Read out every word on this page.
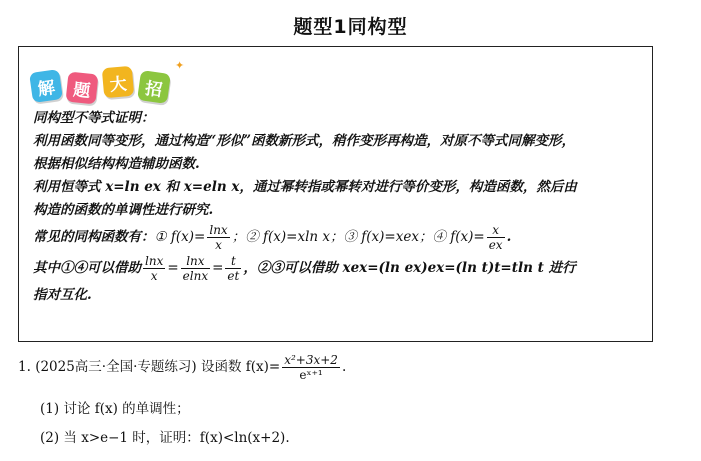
题型1同构型
解 题	大 招
✦
同构型不等式证明：
利用函数同等变形，通过构造“形似”函数新形式，稍作变形再构造，对原不等式同解变形，
根据相似结构构造辅助函数.
利用恒等式 x=ln ex 和 x=eln x，通过幂转指或幂转对进行等价变形，构造函数，然后由
构造的函数的单调性进行研究.
常见的同构函数有：① $f(x)= \frac{\ln x}{x}$ ；② f(x)=xln x；③ f(x)=xex；④ $f(x)= \frac{x}{ex}$ .
其中①④可以借助 $\frac{\ln x}{x} = \frac{\ln x}{elnx} = \frac{t}{et}$ ，②③可以借助 xex=(ln ex)ex=(ln t)t=tln t 进行
指对互化.
1. (2025高三·全国·专题练习) 设函数 $f(x)= \frac{\text{x²+3x+2}}{\text{eˣ⁺¹}}$ .
(1) 讨论 f(x) 的单调性；
(2) 当 x>e−1 时，证明：f(x)<ln(x+2).
